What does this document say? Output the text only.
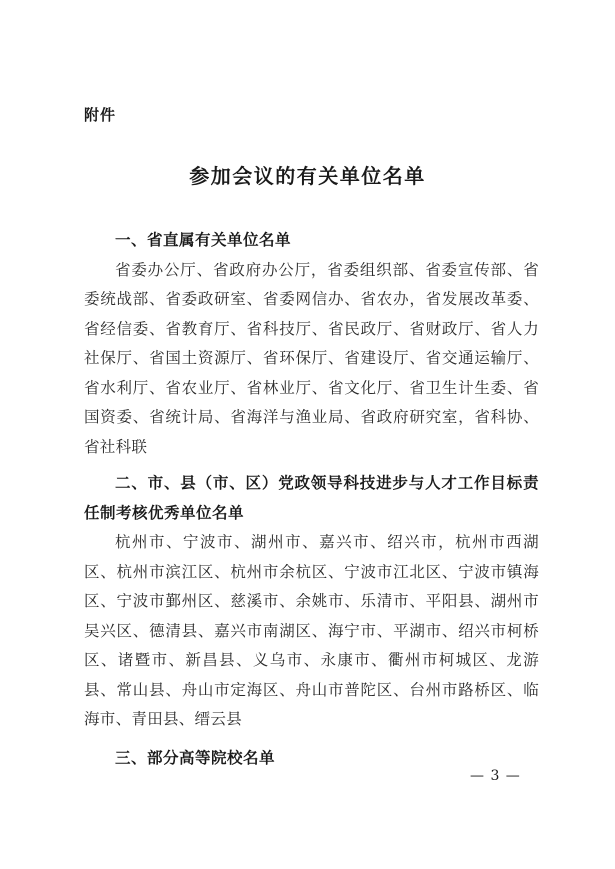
附件
参加会议的有关单位名单
一、省直属有关单位名单
省委办公厅、省政府办公厅，省委组织部、省委宣传部、省委统战部、省委政研室、省委网信办、省农办，省发展改革委、省经信委、省教育厅、省科技厅、省民政厅、省财政厅、省人力社保厅、省国土资源厅、省环保厅、省建设厅、省交通运输厅、省水利厅、省农业厅、省林业厅、省文化厅、省卫生计生委、省国资委、省统计局、省海洋与渔业局、省政府研究室，省科协、省社科联
二、市、县（市、区）党政领导科技进步与人才工作目标责任制考核优秀单位名单
杭州市、宁波市、湖州市、嘉兴市、绍兴市，杭州市西湖区、杭州市滨江区、杭州市余杭区、宁波市江北区、宁波市镇海区、宁波市鄞州区、慈溪市、余姚市、乐清市、平阳县、湖州市吴兴区、德清县、嘉兴市南湖区、海宁市、平湖市、绍兴市柯桥区、诸暨市、新昌县、义乌市、永康市、衢州市柯城区、龙游县、常山县、舟山市定海区、舟山市普陀区、台州市路桥区、临海市、青田县、缙云县
三、部分高等院校名单
— 3 —
